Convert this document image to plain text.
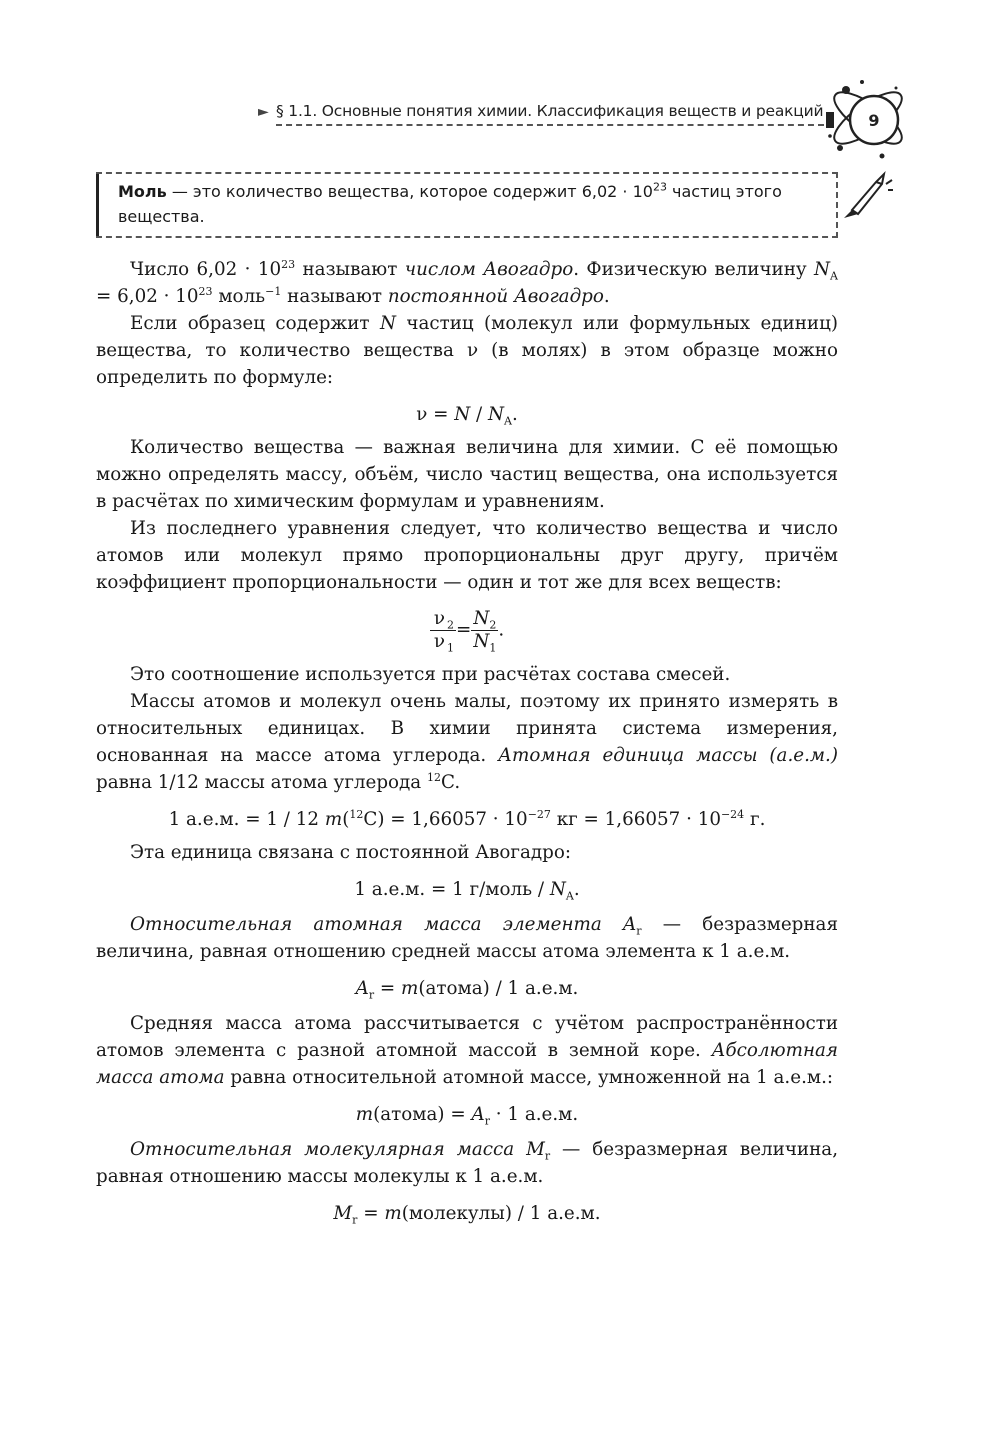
► § 1.1. Основные понятия химии. Классификация веществ и реакций	9
Моль — это количество вещества, которое содержит $6,02 \cdot 10^{23}$ частиц этого вещества.

Число $6,02 \cdot 10^{23}$ называют числом Авогадро. Физическую величину $N_A = 6,02 \cdot 10^{23}$ моль$^{-1}$ называют постоянной Авогадро.

Если образец содержит N частиц (молекул или формульных единиц) вещества, то количество вещества ν (в молях) в этом образце можно определить по формуле:

$\nu = N / N_A$.

Количество вещества — важная величина для химии. С её помощью можно определять массу, объём, число частиц вещества, она используется в расчётах по химическим формулам и уравнениям.

Из последнего уравнения следует, что количество вещества и число атомов или молекул прямо пропорциональны друг другу, причём коэффициент пропорциональности — один и тот же для всех веществ:

$\frac{\nu _2}{\nu _1} = \frac{N_2}{N_1}$ .

Это соотношение используется при расчётах состава смесей.

Массы атомов и молекул очень малы, поэтому их принято измерять в относительных единицах. В химии принята система измерения, основанная на массе атома углерода. Атомная единица массы (а.е.м.) равна 1/12 массы атома углерода $^{12}$C.

1 а.е.м. = 1 / 12 $m(^{12}C) = 1,66057 \cdot 10^{-27}$ кг = $1,66057 \cdot 10^{-24}$ г.

Эта единица связана с постоянной Авогадро:

1 а.е.м. = 1 г/моль / $N_A$.

Относительная атомная масса элемента $A_r$ — безразмерная величина, равная отношению средней массы атома элемента к 1 а.е.м.

$A_r$ = m(атома) / 1 а.е.м.

Средняя масса атома рассчитывается с учётом распространённости атомов элемента с разной атомной массой в земной коре. Абсолютная масса атома равна относительной атомной массе, умноженной на 1 а.е.м.:

m(атома) = $A_r \cdot 1$ а.е.м.

Относительная молекулярная масса $M_r$ — безразмерная величина, равная отношению массы молекулы к 1 а.е.м.

$M_r$ = m(молекулы) / 1 а.е.м.
